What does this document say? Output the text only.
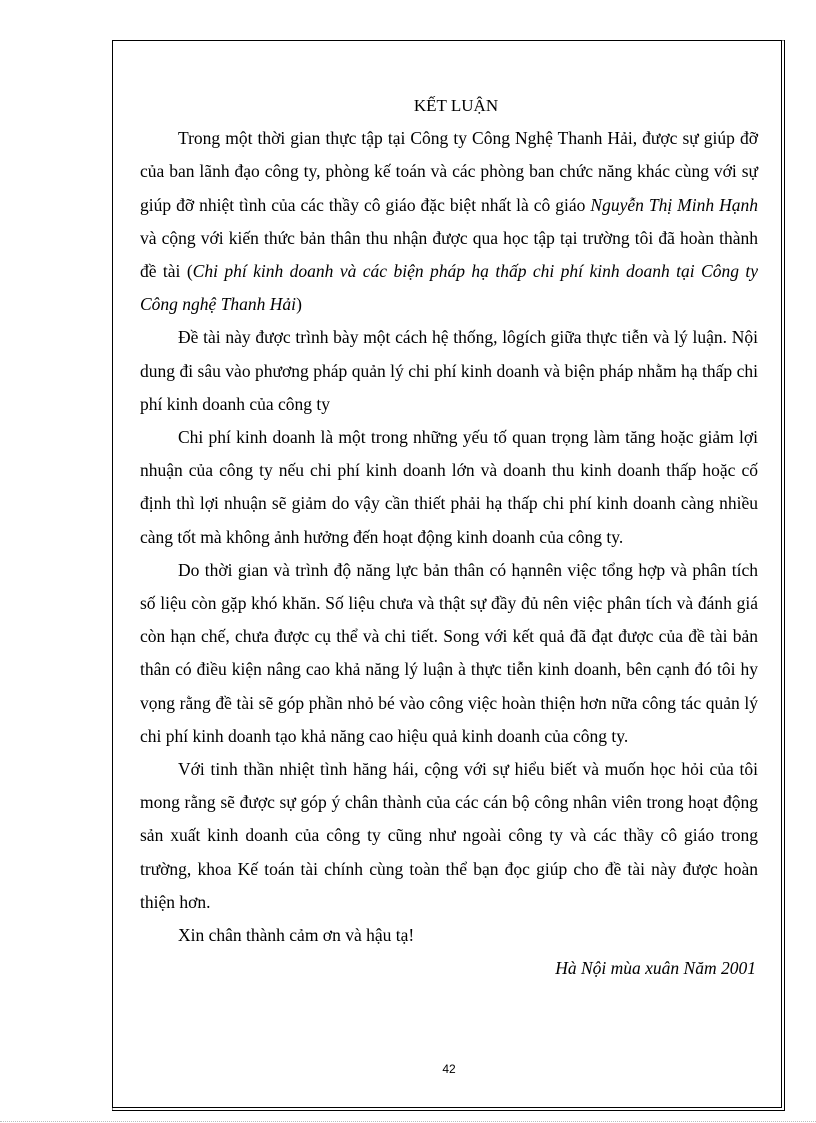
KẾT LUẬN

Trong một thời gian thực tập tại Công ty Công Nghệ Thanh Hải, được sự giúp đỡ của ban lãnh đạo công ty, phòng kế toán và các phòng ban chức năng khác cùng với sự giúp đỡ nhiệt tình của các thầy cô giáo đặc biệt nhất là cô giáo Nguyễn Thị Minh Hạnh và cộng với kiến thức bản thân thu nhận được qua học tập tại trường tôi đã hoàn thành đề tài (Chi phí kinh doanh và các biện pháp hạ thấp chi phí kinh doanh tại Công ty Công nghệ Thanh Hải)

Đề tài này được trình bày một cách hệ thống, lôgích giữa thực tiễn và lý luận. Nội dung đi sâu vào phương pháp quản lý chi phí kinh doanh và biện pháp nhằm hạ thấp chi phí kinh doanh của công ty

Chi phí kinh doanh là một trong những yếu tố quan trọng làm tăng hoặc giảm lợi nhuận của công ty nếu chi phí kinh doanh lớn và doanh thu kinh doanh thấp hoặc cố định thì lợi nhuận sẽ giảm do vậy cần thiết phải hạ thấp chi phí kinh doanh càng nhiều càng tốt mà không ảnh hưởng đến hoạt động kinh doanh của công ty.

Do thời gian và trình độ năng lực bản thân có hạnnên việc tổng hợp và phân tích số liệu còn gặp khó khăn. Số liệu chưa và thật sự đầy đủ nên việc phân tích và đánh giá còn hạn chế, chưa được cụ thể và chi tiết. Song với kết quả đã đạt được của đề tài bản thân có điều kiện nâng cao khả năng lý luận à thực tiễn kinh doanh, bên cạnh đó tôi hy vọng rằng đề tài sẽ góp phần nhỏ bé vào công việc hoàn thiện hơn nữa công tác quản lý chi phí kinh doanh tạo khả năng cao hiệu quả kinh doanh của công ty.

Với tinh thần nhiệt tình hăng hái, cộng với sự hiểu biết và muốn học hỏi của tôi mong rằng sẽ được sự góp ý chân thành của các cán bộ công nhân viên trong hoạt động sản xuất kinh doanh của công ty cũng như ngoài công ty và các thầy cô giáo trong trường, khoa Kế toán tài chính cùng toàn thể bạn đọc giúp cho đề tài này được hoàn thiện hơn.

Xin chân thành cảm ơn và hậu tạ!

Hà Nội mùa xuân Năm 2001

42
